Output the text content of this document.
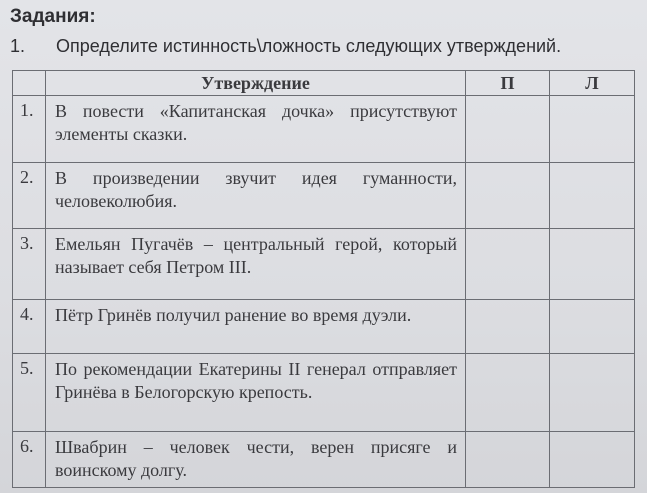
Задания:
1. Определите истинность\ложность следующих утверждений.
	Утверждение	П	Л
1.	В повести «Капитанская дочка» присутствуют элементы сказки.		
2.	В произведении звучит идея гуманности, человеколюбия.		
3.	Емельян Пугачёв – центральный герой, который называет себя Петром III.		
4.	Пётр Гринёв получил ранение во время дуэли.		
5.	По рекомендации Екатерины II генерал отправляет Гринёва в Белогорскую крепость.		
6.	Швабрин – человек чести, верен присяге и воинскому долгу.		
